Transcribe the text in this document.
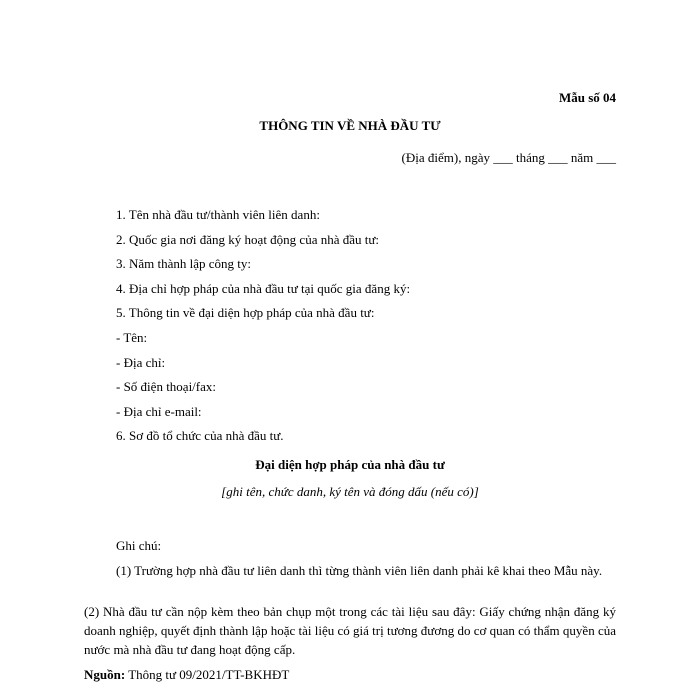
Mẫu số 04
THÔNG TIN VỀ NHÀ ĐẦU TƯ
(Địa điểm), ngày ___ tháng ___ năm ___
1. Tên nhà đầu tư/thành viên liên danh:
2. Quốc gia nơi đăng ký hoạt động của nhà đầu tư:
3. Năm thành lập công ty:
4. Địa chỉ hợp pháp của nhà đầu tư tại quốc gia đăng ký:
5. Thông tin về đại diện hợp pháp của nhà đầu tư:
- Tên:
- Địa chỉ:
- Số điện thoại/fax:
- Địa chỉ e-mail:
6. Sơ đồ tổ chức của nhà đầu tư.
Đại diện hợp pháp của nhà đầu tư
[ghi tên, chức danh, ký tên và đóng dấu (nếu có)]
Ghi chú:
(1) Trường hợp nhà đầu tư liên danh thì từng thành viên liên danh phải kê khai theo Mẫu này.
(2) Nhà đầu tư cần nộp kèm theo bản chụp một trong các tài liệu sau đây: Giấy chứng nhận đăng ký doanh nghiệp, quyết định thành lập hoặc tài liệu có giá trị tương đương do cơ quan có thẩm quyền của nước mà nhà đầu tư đang hoạt động cấp.
Nguồn: Thông tư 09/2021/TT-BKHĐT
